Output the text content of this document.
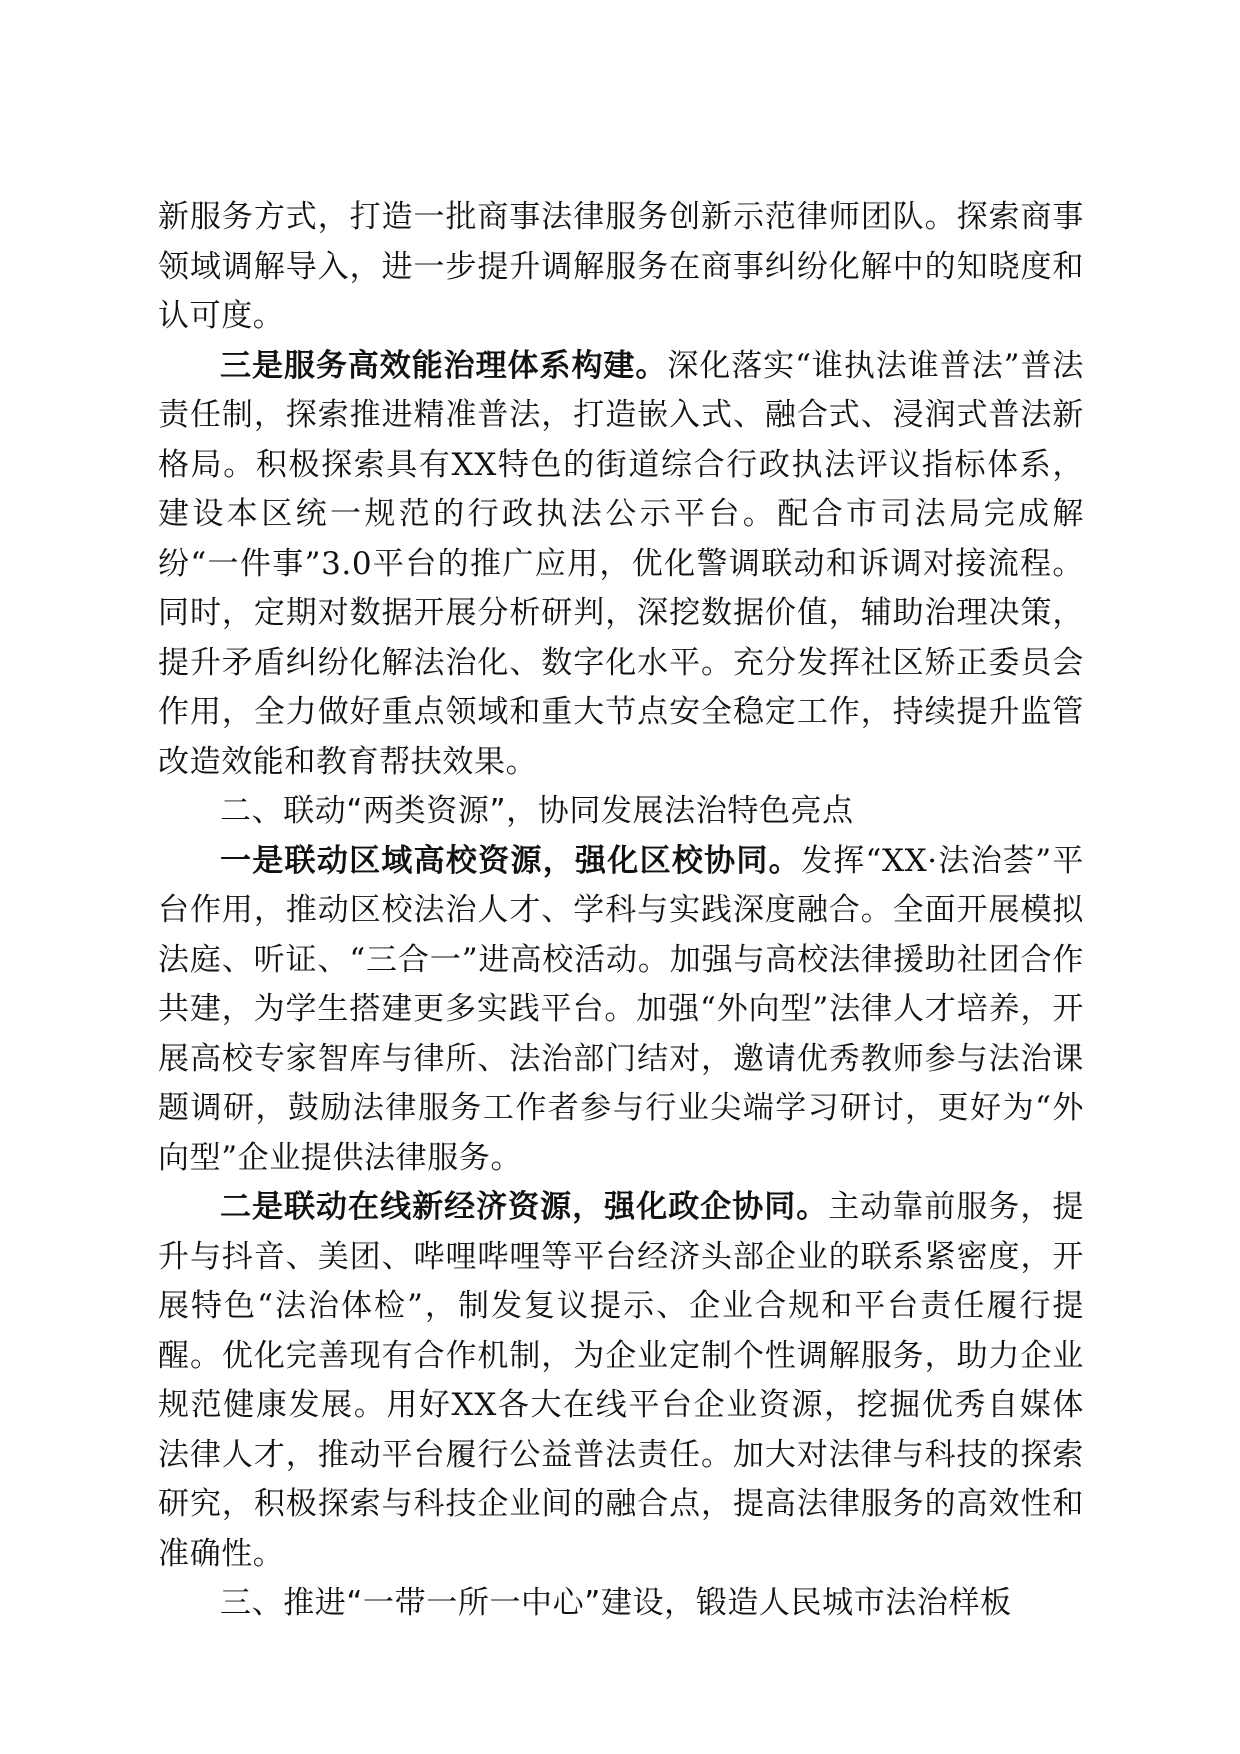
新服务方式，打造一批商事法律服务创新示范律师团队。探索商事领域调解导入，进一步提升调解服务在商事纠纷化解中的知晓度和认可度。

三是服务高效能治理体系构建。深化落实“谁执法谁普法”普法责任制，探索推进精准普法，打造嵌入式、融合式、浸润式普法新格局。积极探索具有XX特色的街道综合行政执法评议指标体系，建设本区统一规范的行政执法公示平台。配合市司法局完成解纷“一件事”3.0平台的推广应用，优化警调联动和诉调对接流程。同时，定期对数据开展分析研判，深挖数据价值，辅助治理决策，提升矛盾纠纷化解法治化、数字化水平。充分发挥社区矫正委员会作用，全力做好重点领域和重大节点安全稳定工作，持续提升监管改造效能和教育帮扶效果。

二、联动“两类资源”，协同发展法治特色亮点

一是联动区域高校资源，强化区校协同。发挥“XX·法治荟”平台作用，推动区校法治人才、学科与实践深度融合。全面开展模拟法庭、听证、“三合一”进高校活动。加强与高校法律援助社团合作共建，为学生搭建更多实践平台。加强“外向型”法律人才培养，开展高校专家智库与律所、法治部门结对，邀请优秀教师参与法治课题调研，鼓励法律服务工作者参与行业尖端学习研讨，更好为“外向型”企业提供法律服务。

二是联动在线新经济资源，强化政企协同。主动靠前服务，提升与抖音、美团、哔哩哔哩等平台经济头部企业的联系紧密度，开展特色“法治体检”，制发复议提示、企业合规和平台责任履行提醒。优化完善现有合作机制，为企业定制个性调解服务，助力企业规范健康发展。用好XX各大在线平台企业资源，挖掘优秀自媒体法律人才，推动平台履行公益普法责任。加大对法律与科技的探索研究，积极探索与科技企业间的融合点，提高法律服务的高效性和准确性。

三、推进“一带一所一中心”建设，锻造人民城市法治样板
